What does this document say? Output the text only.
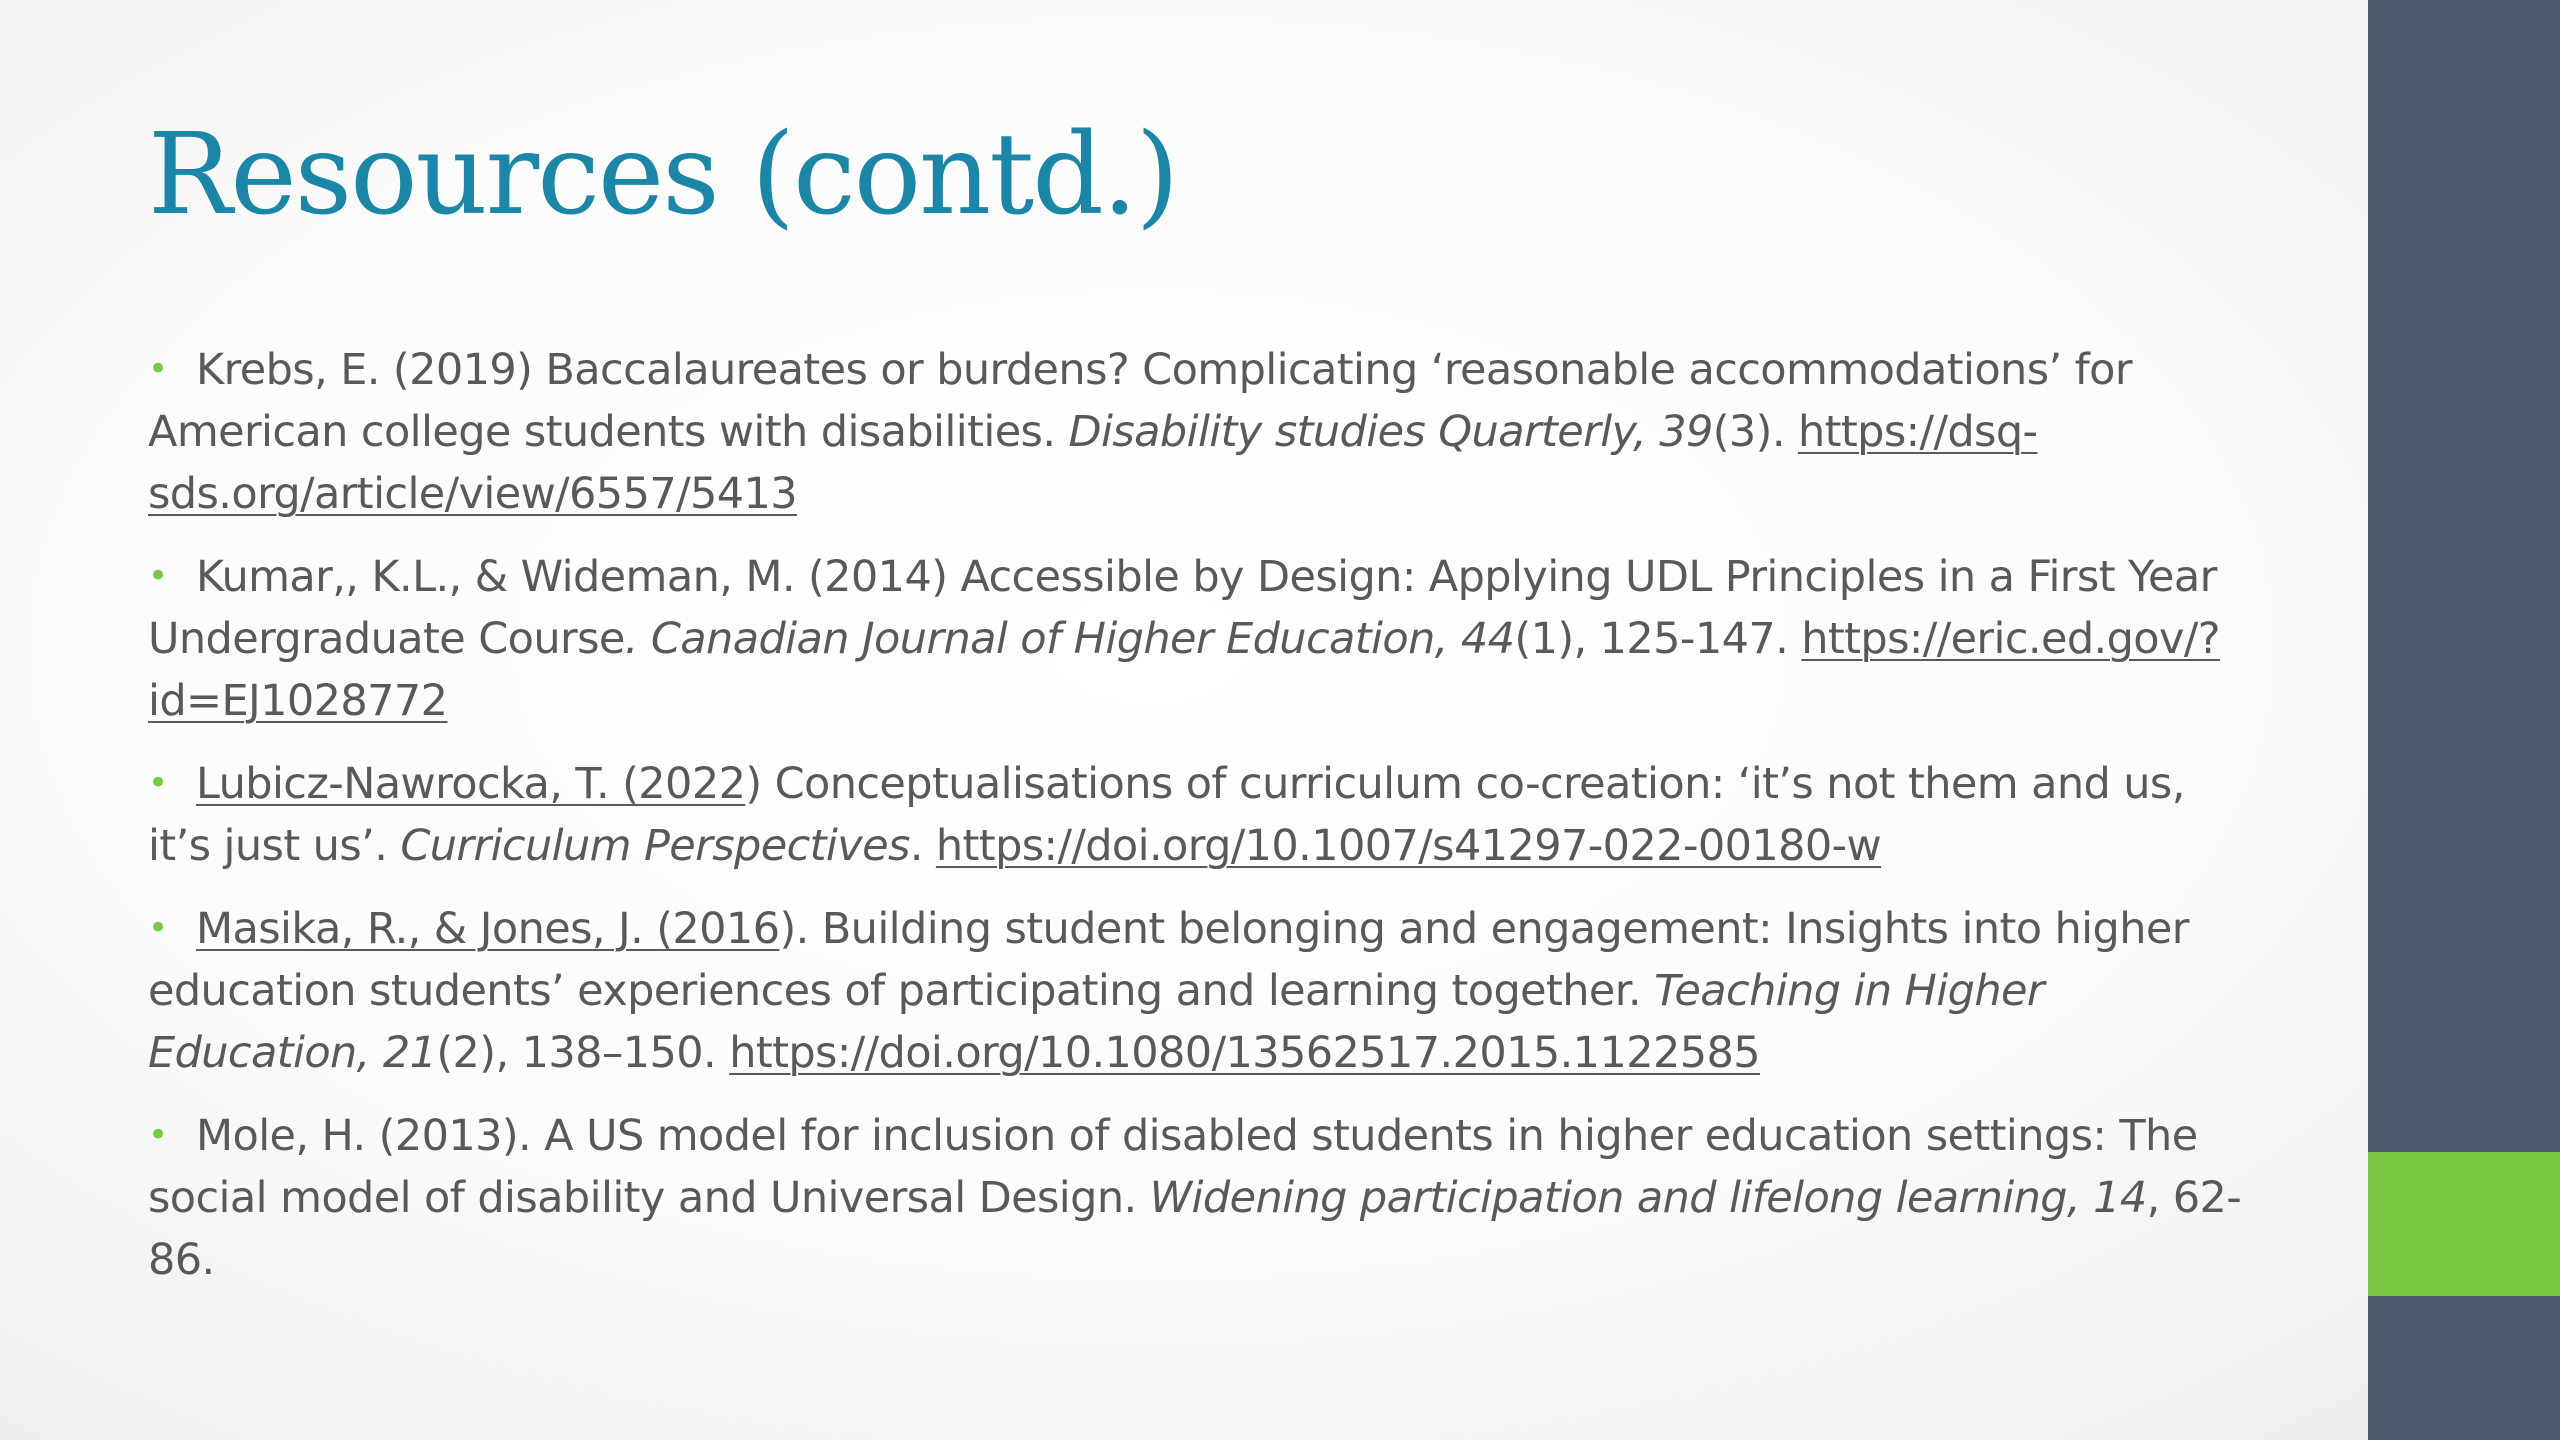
Resources (contd.)
• Krebs, E. (2019) Baccalaureates or burdens? Complicating ‘reasonable accommodations’ for American college students with disabilities. Disability studies Quarterly, 39(3). https://dsq-sds.org/article/view/6557/5413
• Kumar,, K.L., & Wideman, M. (2014) Accessible by Design: Applying UDL Principles in a First Year Undergraduate Course. Canadian Journal of Higher Education, 44(1), 125-147. https://eric.ed.gov/?id=EJ1028772
• Lubicz-Nawrocka, T. (2022) Conceptualisations of curriculum co-creation: ‘it’s not them and us, it’s just us’. Curriculum Perspectives. https://doi.org/10.1007/s41297-022-00180-w
• Masika, R., & Jones, J. (2016). Building student belonging and engagement: Insights into higher education students’ experiences of participating and learning together. Teaching in Higher Education, 21(2), 138–150. https://doi.org/10.1080/13562517.2015.1122585
• Mole, H. (2013). A US model for inclusion of disabled students in higher education settings: The social model of disability and Universal Design. Widening participation and lifelong learning, 14, 62-86.
